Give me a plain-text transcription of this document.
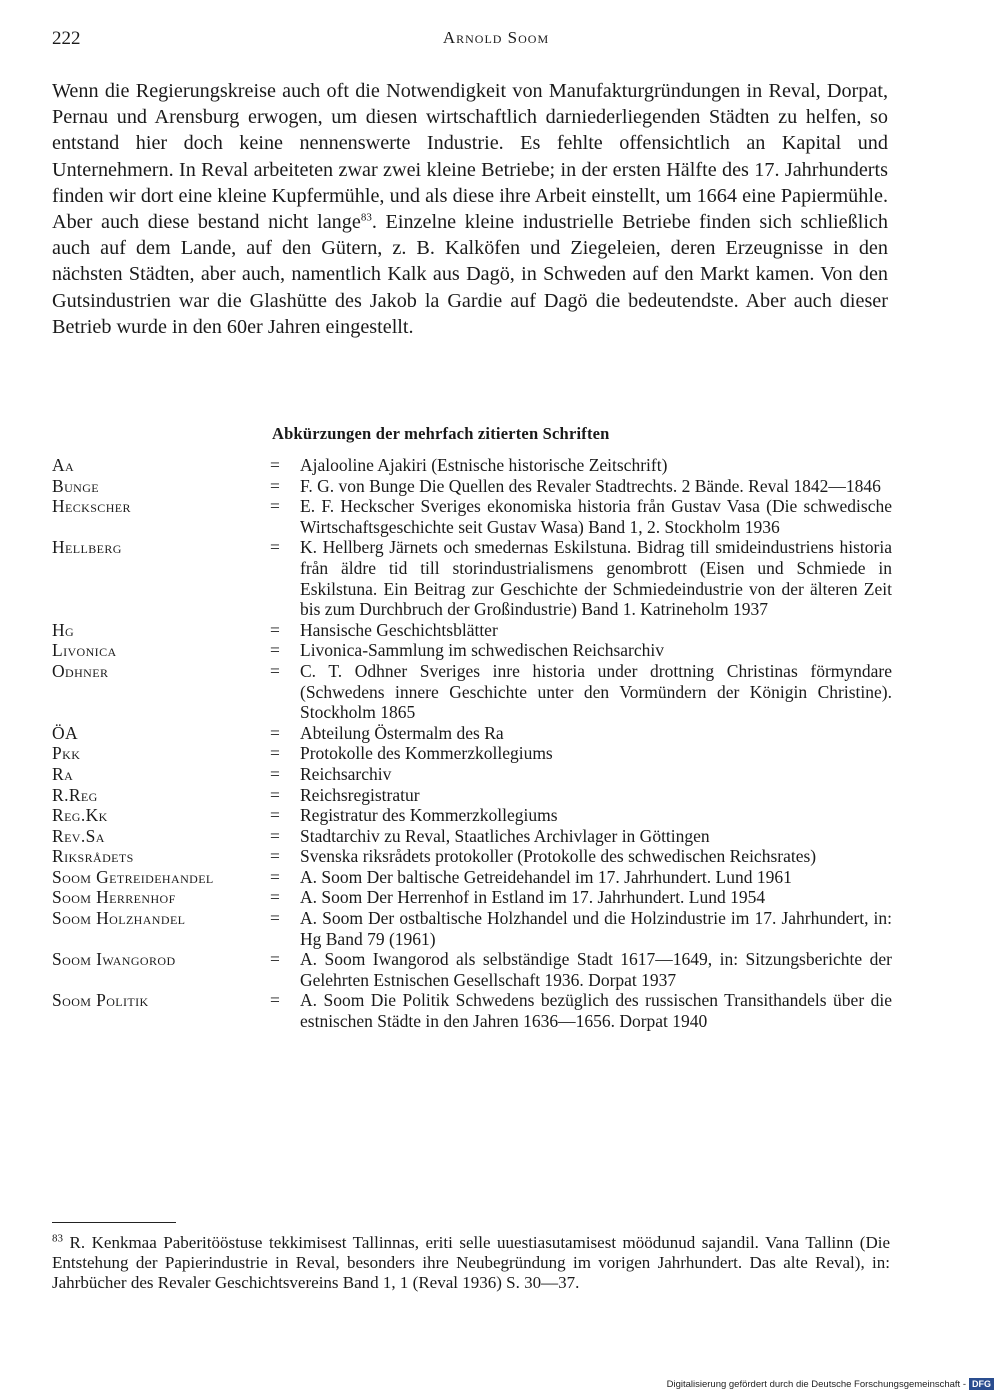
222	Arnold Soom

Wenn die Regierungskreise auch oft die Notwendigkeit von Manufakturgründungen in Reval, Dorpat, Pernau und Arensburg erwogen, um diesen wirtschaftlich darniederliegenden Städten zu helfen, so entstand hier doch keine nennenswerte Industrie. Es fehlte offensichtlich an Kapital und Unternehmern. In Reval arbeiteten zwar zwei kleine Betriebe; in der ersten Hälfte des 17. Jahrhunderts finden wir dort eine kleine Kupfermühle, und als diese ihre Arbeit einstellt, um 1664 eine Papiermühle. Aber auch diese bestand nicht lange$^{83}$. Einzelne kleine industrielle Betriebe finden sich schließlich auch auf dem Lande, auf den Gütern, z. B. Kalköfen und Ziegeleien, deren Erzeugnisse in den nächsten Städten, aber auch, namentlich Kalk aus Dagö, in Schweden auf den Markt kamen. Von den Gutsindustrien war die Glashütte des Jakob la Gardie auf Dagö die bedeutendste. Aber auch dieser Betrieb wurde in den 60er Jahren eingestellt.

Abkürzungen der mehrfach zitierten Schriften
Aa	=	Ajalooline Ajakiri (Estnische historische Zeitschrift)
Bunge	=	F. G. von Bunge Die Quellen des Revaler Stadtrechts. 2 Bände. Reval 1842—1846
Heckscher	=	E. F. Heckscher Sveriges ekonomiska historia från Gustav Vasa (Die schwedische Wirtschaftsgeschichte seit Gustav Wasa) Band 1, 2. Stockholm 1936
Hellberg	=	K. Hellberg Järnets och smedernas Eskilstuna. Bidrag till smideindustriens historia från äldre tid till storindustrialismens genombrott (Eisen und Schmiede in Eskilstuna. Ein Beitrag zur Geschichte der Schmiedeindustrie von der älteren Zeit bis zum Durchbruch der Großindustrie) Band 1. Katrineholm 1937
Hg	=	Hansische Geschichtsblätter
Livonica	=	Livonica-Sammlung im schwedischen Reichsarchiv
Odhner	=	C. T. Odhner Sveriges inre historia under drottning Christinas förmyndare (Schwedens innere Geschichte unter den Vormündern der Königin Christine). Stockholm 1865
ÖA	=	Abteilung Östermalm des Ra
Pkk	=	Protokolle des Kommerzkollegiums
Ra	=	Reichsarchiv
R.Reg	=	Reichsregistratur
Reg.Kk	=	Registratur des Kommerzkollegiums
Rev.Sa	=	Stadtarchiv zu Reval, Staatliches Archivlager in Göttingen
Riksrådets	=	Svenska riksrådets protokoller (Protokolle des schwedischen Reichsrates)
Soom Getreidehandel	=	A. Soom Der baltische Getreidehandel im 17. Jahrhundert. Lund 1961
Soom Herrenhof	=	A. Soom Der Herrenhof in Estland im 17. Jahrhundert. Lund 1954
Soom Holzhandel	=	A. Soom Der ostbaltische Holzhandel und die Holzindustrie im 17. Jahrhundert, in: Hg Band 79 (1961)
Soom Iwangorod	=	A. Soom Iwangorod als selbständige Stadt 1617—1649, in: Sitzungsberichte der Gelehrten Estnischen Gesellschaft 1936. Dorpat 1937
Soom Politik	=	A. Soom Die Politik Schwedens bezüglich des russischen Transithandels über die estnischen Städte in den Jahren 1636—1656. Dorpat 1940

$^{83}$ R. Kenkmaa Paberitööstuse tekkimisest Tallinnas, eriti selle uuestiasutamisest möödunud sajandil. Vana Tallinn (Die Entstehung der Papierindustrie in Reval, besonders ihre Neubegründung im vorigen Jahrhundert. Das alte Reval), in: Jahrbücher des Revaler Geschichtsvereins Band 1, 1 (Reval 1936) S. 30—37.

Digitalisierung gefördert durch die Deutsche Forschungsgemeinschaft - DFG
